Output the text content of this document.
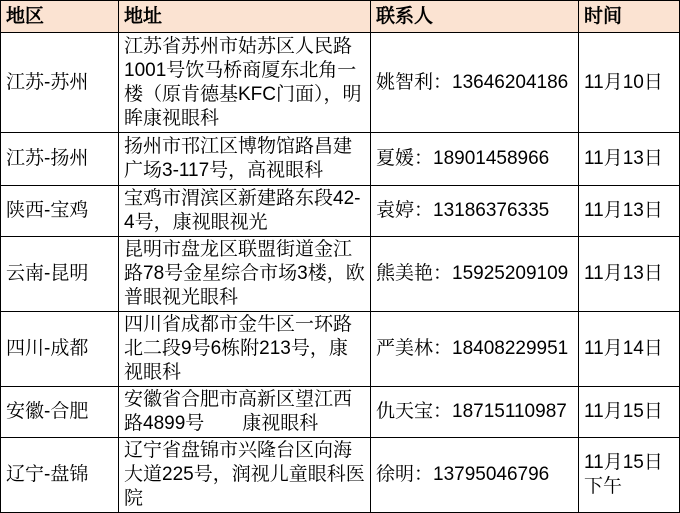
地区	地址	联系人	时间
江苏-苏州	江苏省苏州市姑苏区人民路1001号饮马桥商厦东北角一楼（原肯德基KFC门面），明眸康视眼科	姚智利：13646204186	11月10日
江苏-扬州	扬州市邗江区博物馆路昌建广场3-117号，高视眼科	夏媛：18901458966	11月13日
陕西-宝鸡	宝鸡市渭滨区新建路东段42-4号，康视眼视光	袁婷：13186376335	11月13日
云南-昆明	昆明市盘龙区联盟街道金江路78号金星综合市场3楼，欧普眼视光眼科	熊美艳：15925209109	11月13日
四川-成都	四川省成都市金牛区一环路北二段9号6栋附213号，康视眼科	严美林：18408229951	11月14日
安徽-合肥	安徽省合肥市高新区望江西路4899号　　康视眼科	仇天宝：18715110987	11月15日
辽宁-盘锦	辽宁省盘锦市兴隆台区向海大道225号，润视儿童眼科医院	徐明：13795046796	11月15日下午
